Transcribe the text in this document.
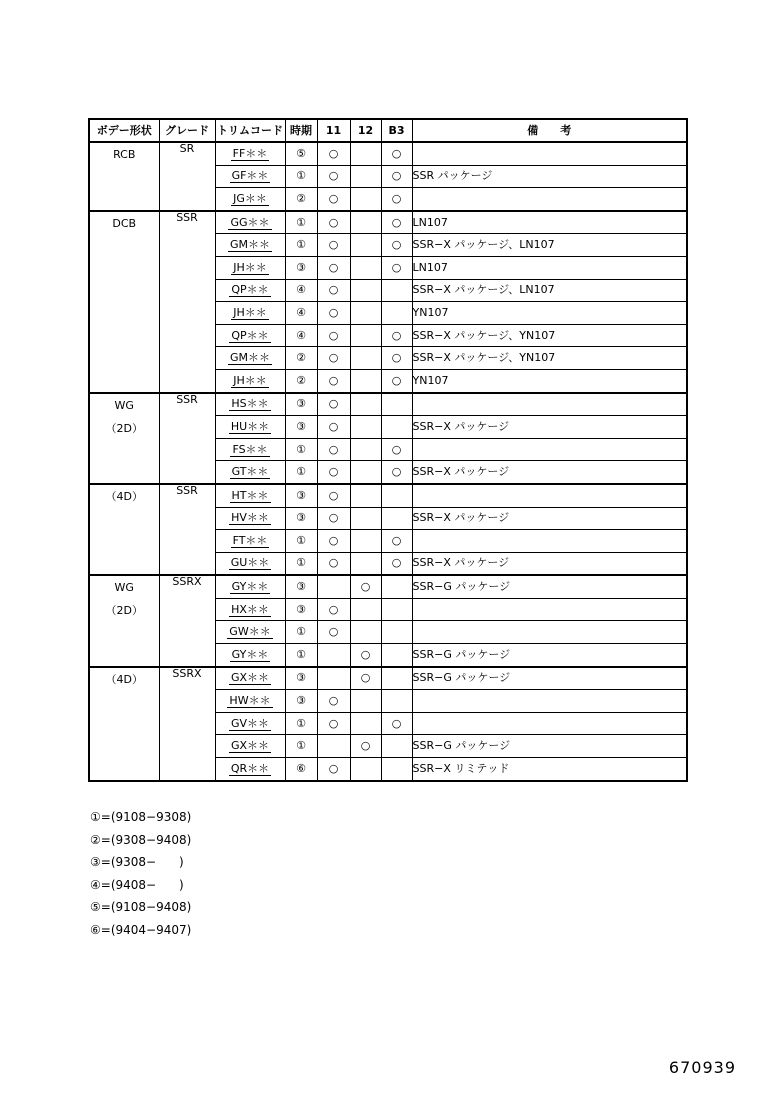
ボデー形状	グレード	トリムコード	時期	11	12	B3	備　　考

RCB	SR	FF＊＊	⑤	○		○	
		GF＊＊	①	○		○	SSR パッケージ
		JG＊＊	②	○		○	

DCB	SSR	GG＊＊	①	○		○	LN107
		GM＊＊	①	○		○	SSR−X パッケージ、LN107
		JH＊＊	③	○		○	LN107
		QP＊＊	④	○			SSR−X パッケージ、LN107
		JH＊＊	④	○			YN107
		QP＊＊	④	○		○	SSR−X パッケージ、YN107
		GM＊＊	②	○		○	SSR−X パッケージ、YN107
		JH＊＊	②	○		○	YN107

WG
（2D）	SSR	HS＊＊	③	○			
		HU＊＊	③	○			SSR−X パッケージ
		FS＊＊	①	○		○	
		GT＊＊	①	○		○	SSR−X パッケージ

（4D）	SSR	HT＊＊	③	○			
		HV＊＊	③	○			SSR−X パッケージ
		FT＊＊	①	○		○	
		GU＊＊	①	○		○	SSR−X パッケージ

WG
（2D）	SSRX	GY＊＊	③		○		SSR−G パッケージ
		HX＊＊	③	○			
		GW＊＊	①	○			
		GY＊＊	①		○		SSR−G パッケージ

（4D）	SSRX	GX＊＊	③		○		SSR−G パッケージ
		HW＊＊	③	○			
		GV＊＊	①	○		○	
		GX＊＊	①		○		SSR−G パッケージ
		QR＊＊	⑥	○			SSR−X リミテッド
①=(9108−9308)
②=(9308−9408)
③=(9308−      )
④=(9408−      )
⑤=(9108−9408)
⑥=(9404−9407)
670939
